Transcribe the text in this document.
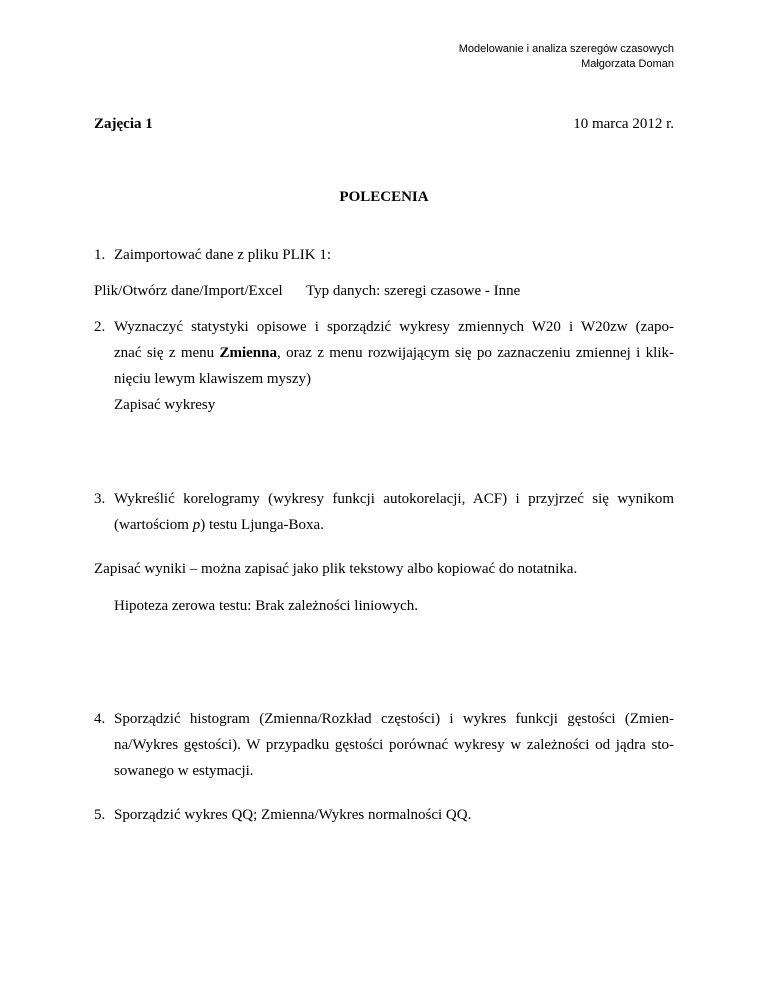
Modelowanie i analiza szeregów czasowych
Małgorzata Doman
Zajęcia 1	10 marca 2012 r.
POLECENIA
1. Zaimportować dane z pliku PLIK 1:
Plik/Otwórz dane/Import/Excel Typ danych: szeregi czasowe - Inne
2. Wyznaczyć statystyki opisowe i sporządzić wykresy zmiennych W20 i W20zw (zapo-
znać się z menu Zmienna, oraz z menu rozwijającym się po zaznaczeniu zmiennej i klik-
nięciu lewym klawiszem myszy)
Zapisać wykresy
3. Wykreślić korelogramy (wykresy funkcji autokorelacji, ACF) i przyjrzeć się wynikom
(wartościom p) testu Ljunga-Boxa.
Zapisać wyniki – można zapisać jako plik tekstowy albo kopiować do notatnika.
Hipoteza zerowa testu: Brak zależności liniowych.
4. Sporządzić histogram (Zmienna/Rozkład częstości) i wykres funkcji gęstości (Zmien-
na/Wykres gęstości). W przypadku gęstości porównać wykresy w zależności od jądra sto-
sowanego w estymacji.
5. Sporządzić wykres QQ; Zmienna/Wykres normalności QQ.
